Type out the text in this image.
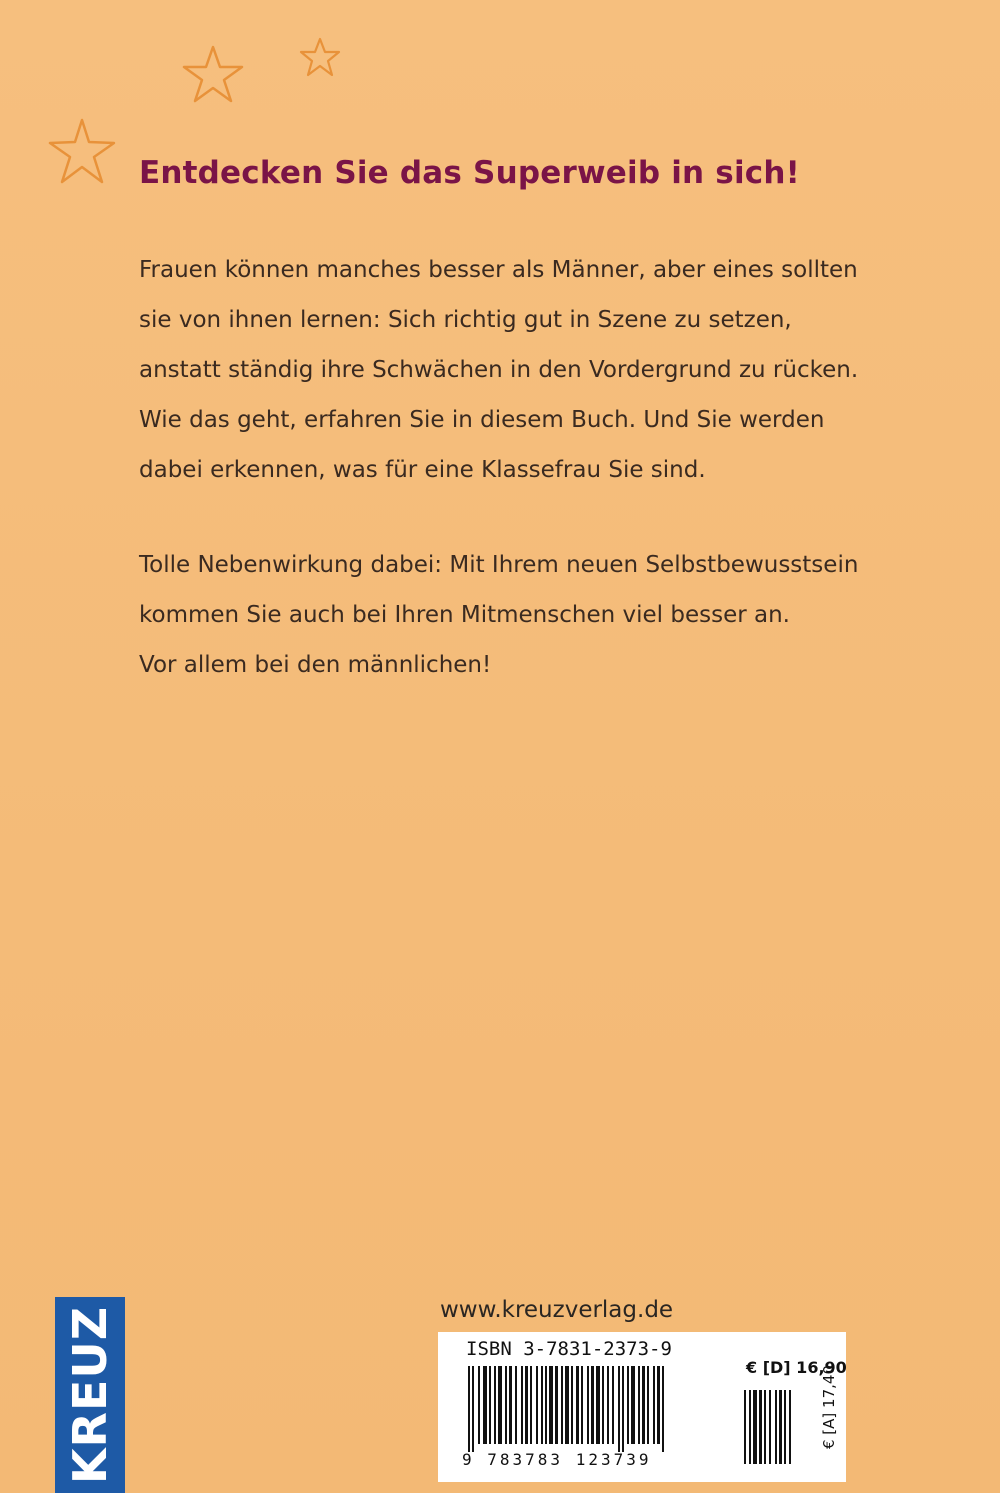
Entdecken Sie das Superweib in sich!
Frauen können manches besser als Männer, aber eines sollten
sie von ihnen lernen: Sich richtig gut in Szene zu setzen,
anstatt ständig ihre Schwächen in den Vordergrund zu rücken.
Wie das geht, erfahren Sie in diesem Buch. Und Sie werden
dabei erkennen, was für eine Klassefrau Sie sind.
Tolle Nebenwirkung dabei: Mit Ihrem neuen Selbstbewusstsein
kommen Sie auch bei Ihren Mitmenschen viel besser an.
Vor allem bei den männlichen!
KREUZ	www.kreuzverlag.de
ISBN 3-7831-2373-9
9 783783 123739
€ [D] 16,90
€ [A] 17,40
